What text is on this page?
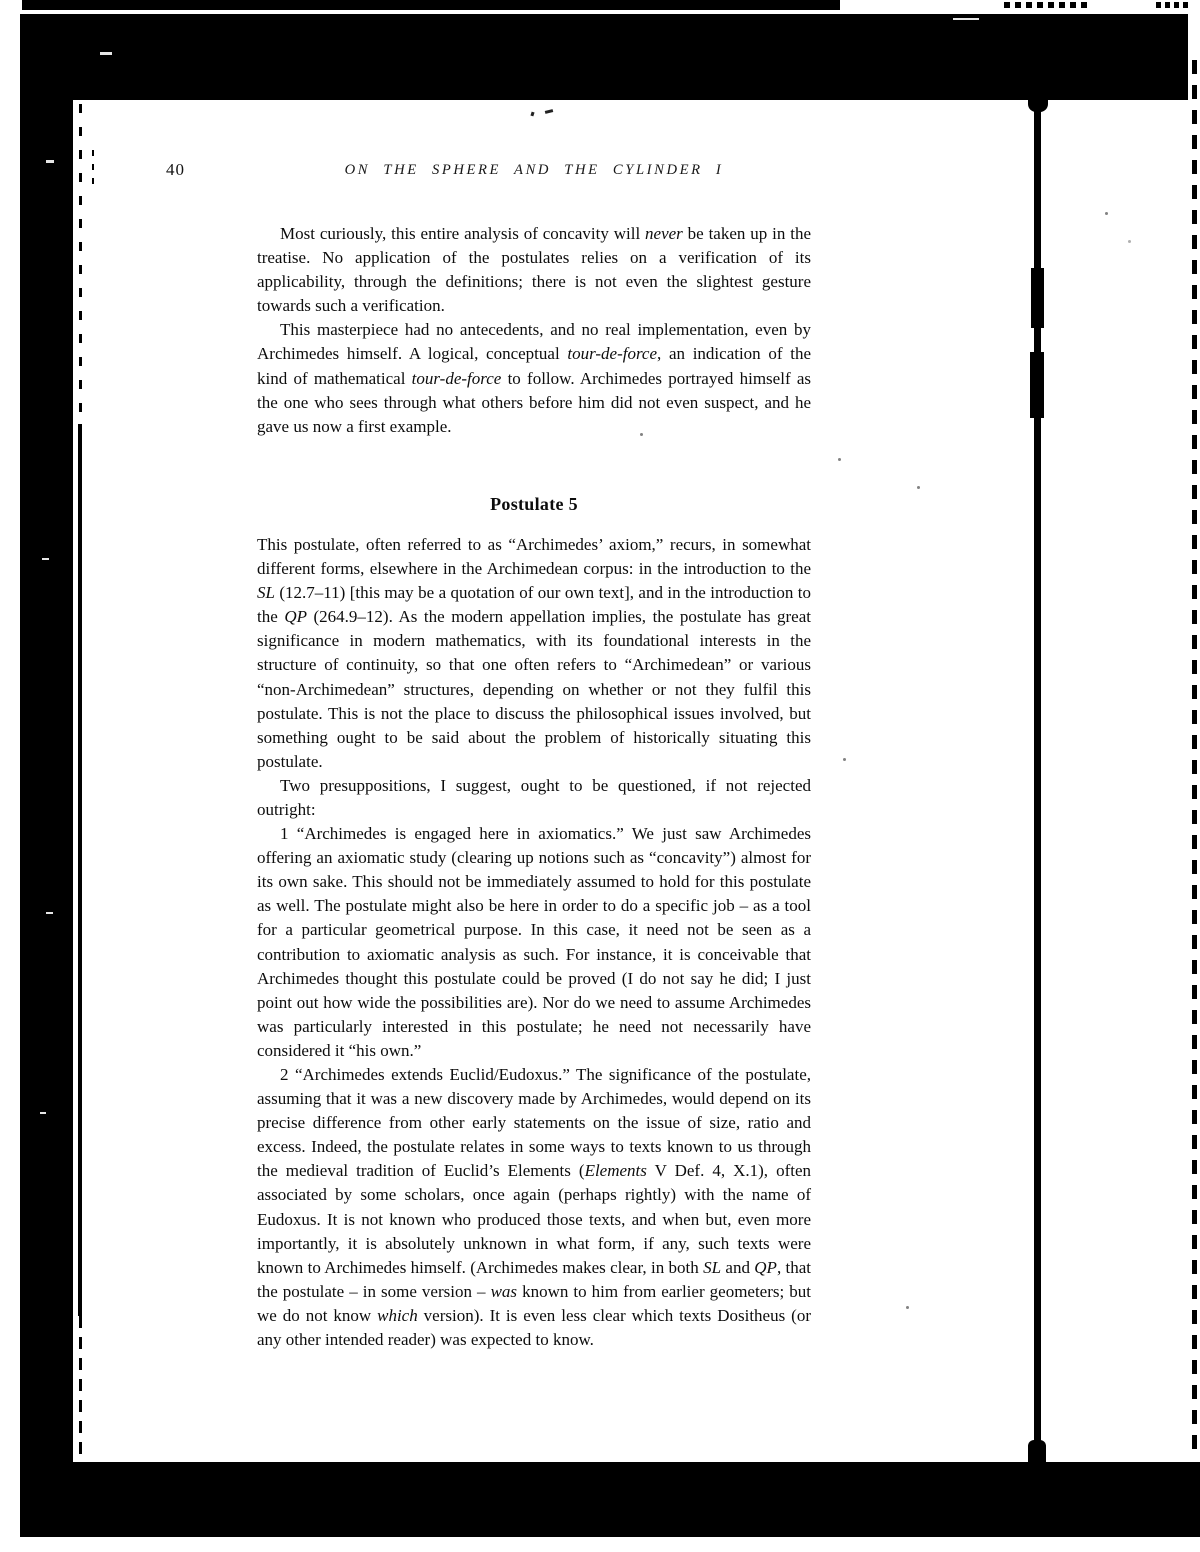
40	ON THE SPHERE AND THE CYLINDER I

Most curiously, this entire analysis of concavity will never be taken up in the treatise. No application of the postulates relies on a verification of its applicability, through the definitions; there is not even the slightest gesture towards such a verification.

This masterpiece had no antecedents, and no real implementation, even by Archimedes himself. A logical, conceptual tour-de-force, an indication of the kind of mathematical tour-de-force to follow. Archimedes portrayed himself as the one who sees through what others before him did not even suspect, and he gave us now a first example.

Postulate 5

This postulate, often referred to as “Archimedes’ axiom,” recurs, in somewhat different forms, elsewhere in the Archimedean corpus: in the introduction to the SL (12.7–11) [this may be a quotation of our own text], and in the introduction to the QP (264.9–12). As the modern appellation implies, the postulate has great significance in modern mathematics, with its foundational interests in the structure of continuity, so that one often refers to “Archimedean” or various “non-Archimedean” structures, depending on whether or not they fulfil this postulate. This is not the place to discuss the philosophical issues involved, but something ought to be said about the problem of historically situating this postulate.

Two presuppositions, I suggest, ought to be questioned, if not rejected outright:

1 “Archimedes is engaged here in axiomatics.” We just saw Archimedes offering an axiomatic study (clearing up notions such as “concavity”) almost for its own sake. This should not be immediately assumed to hold for this postulate as well. The postulate might also be here in order to do a specific job – as a tool for a particular geometrical purpose. In this case, it need not be seen as a contribution to axiomatic analysis as such. For instance, it is conceivable that Archimedes thought this postulate could be proved (I do not say he did; I just point out how wide the possibilities are). Nor do we need to assume Archimedes was particularly interested in this postulate; he need not necessarily have considered it “his own.”

2 “Archimedes extends Euclid/Eudoxus.” The significance of the postulate, assuming that it was a new discovery made by Archimedes, would depend on its precise difference from other early statements on the issue of size, ratio and excess. Indeed, the postulate relates in some ways to texts known to us through the medieval tradition of Euclid’s Elements (Elements V Def. 4, X.1), often associated by some scholars, once again (perhaps rightly) with the name of Eudoxus. It is not known who produced those texts, and when but, even more importantly, it is absolutely unknown in what form, if any, such texts were known to Archimedes himself. (Archimedes makes clear, in both SL and QP, that the postulate – in some version – was known to him from earlier geometers; but we do not know which version). It is even less clear which texts Dositheus (or any other intended reader) was expected to know.
